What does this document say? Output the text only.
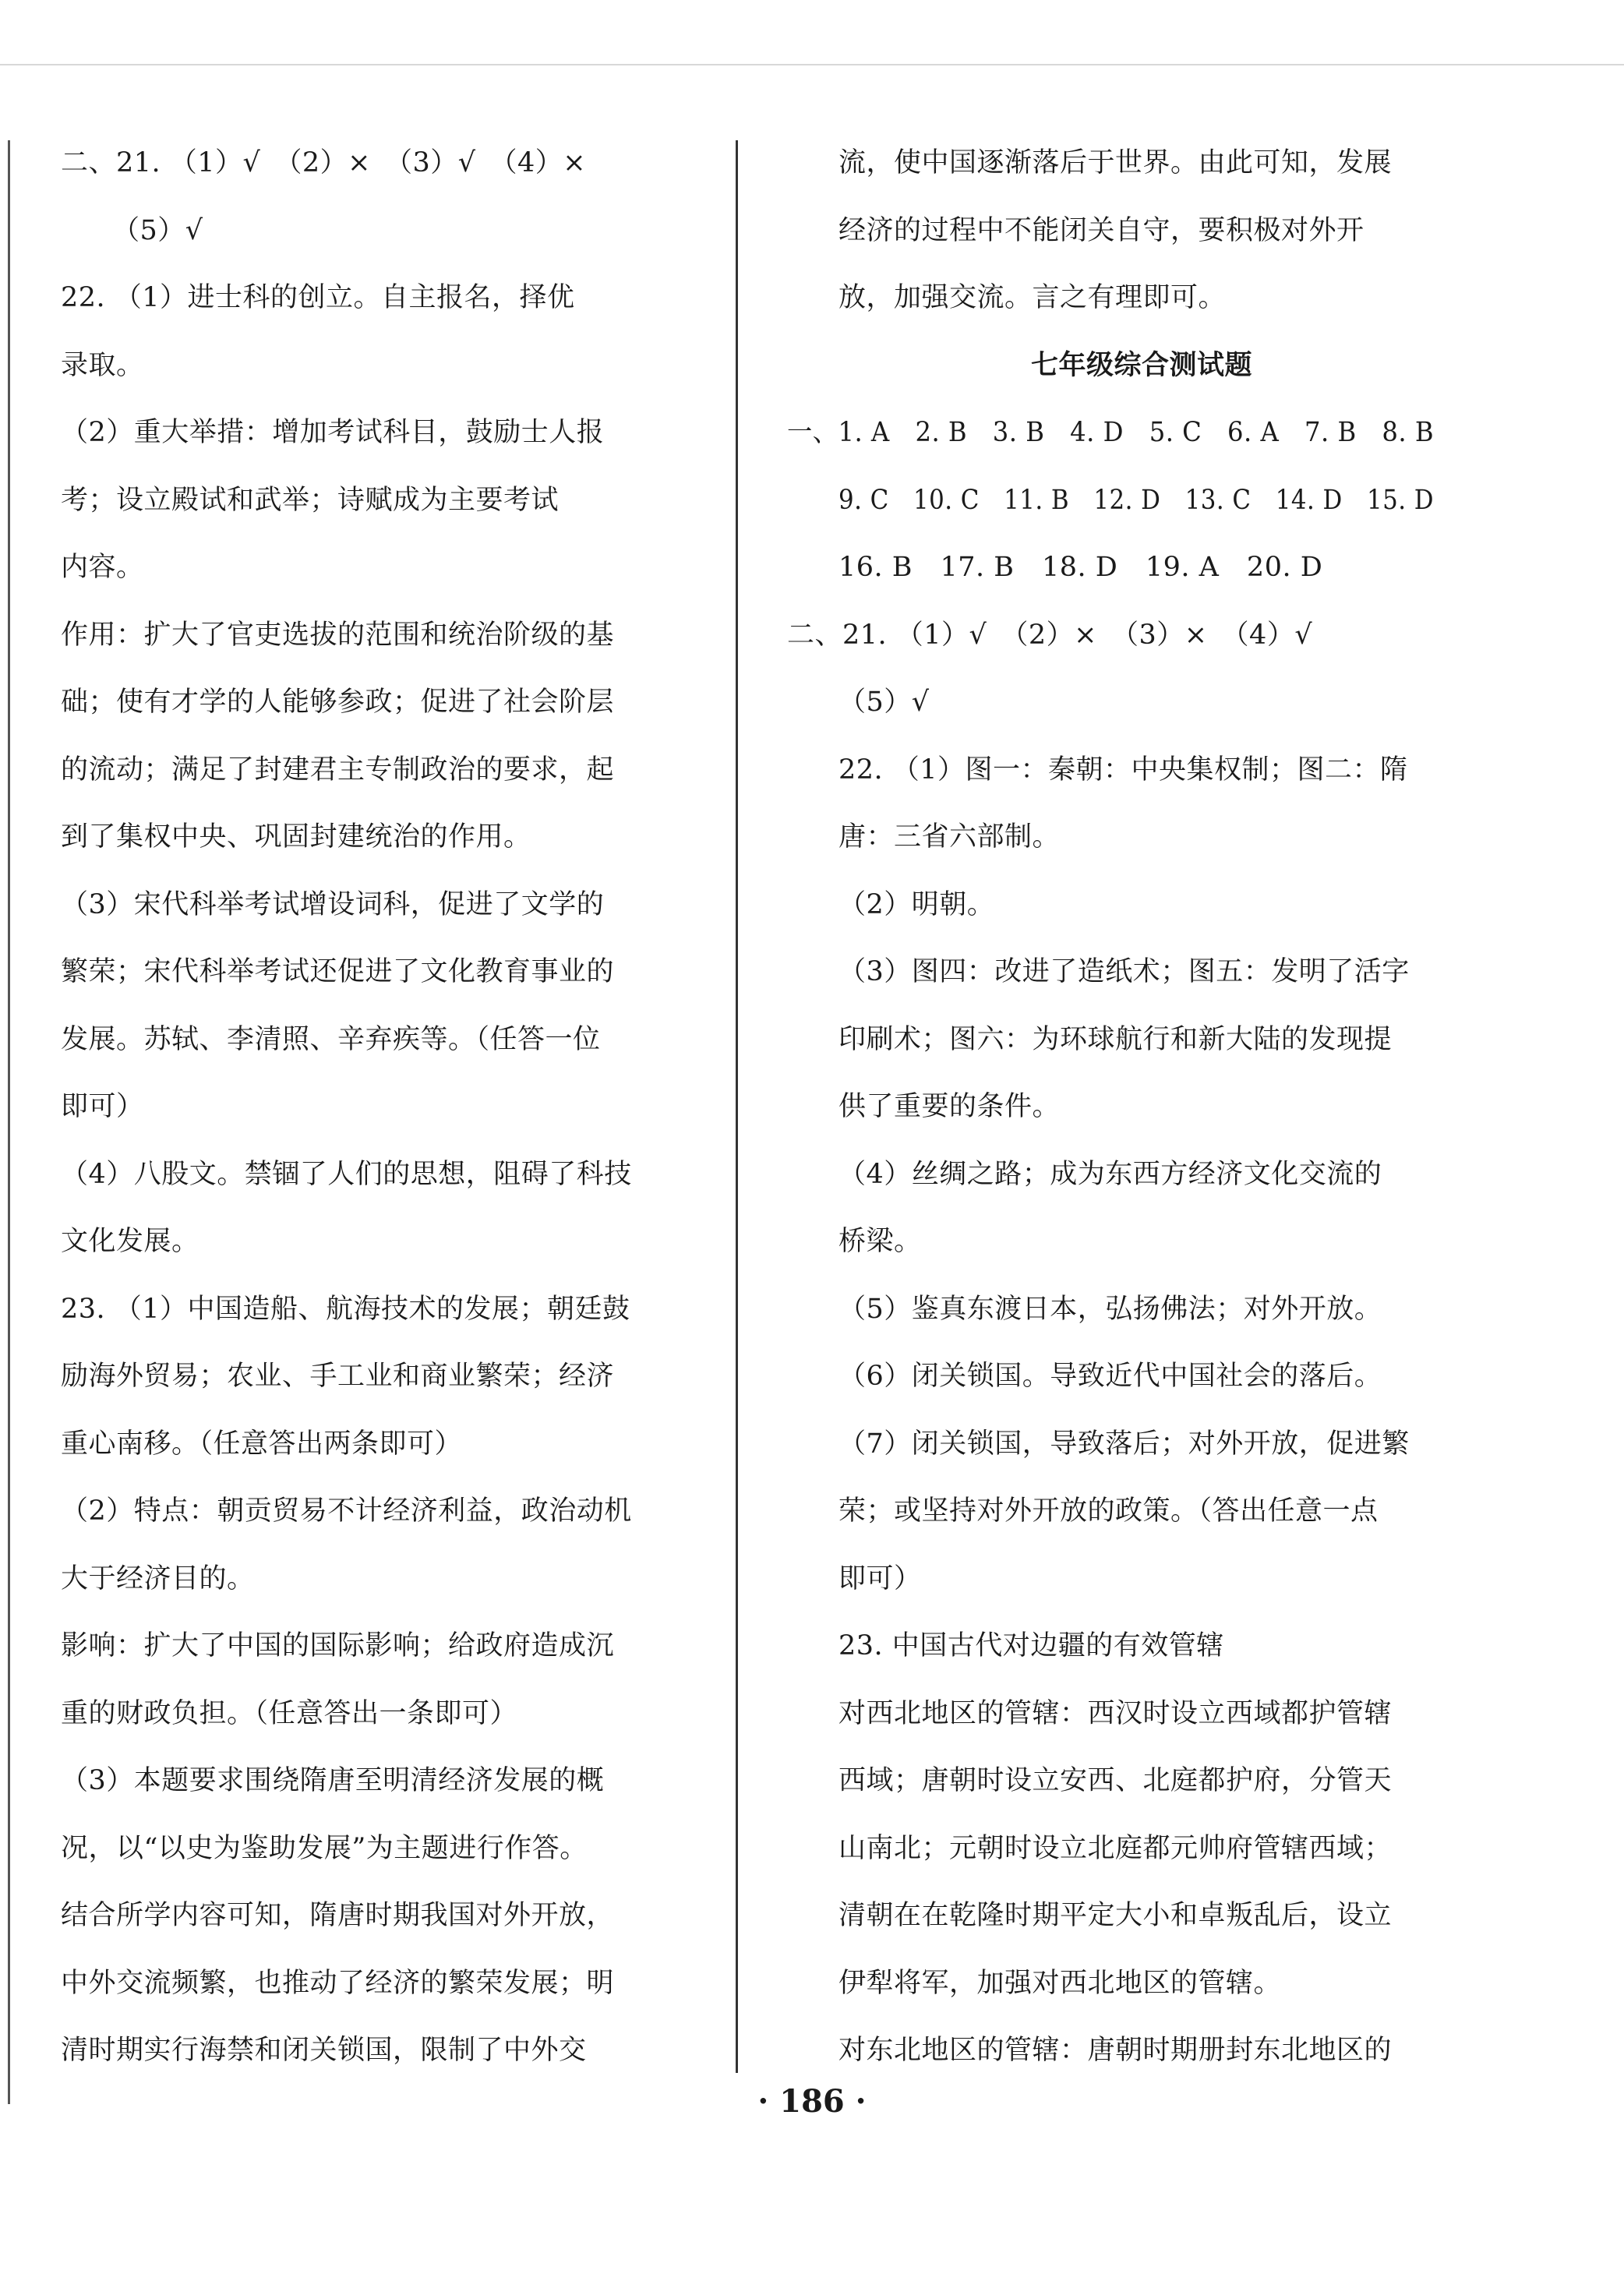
二、21. （1）√　（2）×　（3）√　（4）×
（5）√
22. （1）进士科的创立。自主报名，择优
录取。
（2）重大举措：增加考试科目，鼓励士人报
考；设立殿试和武举；诗赋成为主要考试
内容。
作用：扩大了官吏选拔的范围和统治阶级的基
础；使有才学的人能够参政；促进了社会阶层
的流动；满足了封建君主专制政治的要求，起
到了集权中央、巩固封建统治的作用。
（3）宋代科举考试增设词科，促进了文学的
繁荣；宋代科举考试还促进了文化教育事业的
发展。苏轼、李清照、辛弃疾等。（任答一位
即可）
（4）八股文。禁锢了人们的思想，阻碍了科技
文化发展。
23. （1）中国造船、航海技术的发展；朝廷鼓
励海外贸易；农业、手工业和商业繁荣；经济
重心南移。（任意答出两条即可）
（2）特点：朝贡贸易不计经济利益，政治动机
大于经济目的。
影响：扩大了中国的国际影响；给政府造成沉
重的财政负担。（任意答出一条即可）
（3）本题要求围绕隋唐至明清经济发展的概
况，以“以史为鉴助发展”为主题进行作答。
结合所学内容可知，隋唐时期我国对外开放，
中外交流频繁，也推动了经济的繁荣发展；明
清时期实行海禁和闭关锁国，限制了中外交
流，使中国逐渐落后于世界。由此可知，发展
经济的过程中不能闭关自守，要积极对外开
放，加强交流。言之有理即可。
七年级综合测试题
一、1. A　2. B　3. B　4. D　5. C　6. A　7. B　8. B
9. C　10. C　11. B　12. D　13. C　14. D　15. D
16. B　17. B　18. D　19. A　20. D
二、21. （1）√　（2）×　（3）×　（4）√
（5）√
22. （1）图一：秦朝：中央集权制；图二：隋
唐：三省六部制。
（2）明朝。
（3）图四：改进了造纸术；图五：发明了活字
印刷术；图六：为环球航行和新大陆的发现提
供了重要的条件。
（4）丝绸之路；成为东西方经济文化交流的
桥梁。
（5）鉴真东渡日本，弘扬佛法；对外开放。
（6）闭关锁国。导致近代中国社会的落后。
（7）闭关锁国，导致落后；对外开放，促进繁
荣；或坚持对外开放的政策。（答出任意一点
即可）
23. 中国古代对边疆的有效管辖
对西北地区的管辖：西汉时设立西域都护管辖
西域；唐朝时设立安西、北庭都护府，分管天
山南北；元朝时设立北庭都元帅府管辖西域；
清朝在在乾隆时期平定大小和卓叛乱后，设立
伊犁将军，加强对西北地区的管辖。
对东北地区的管辖：唐朝时期册封东北地区的
· 186 ·
